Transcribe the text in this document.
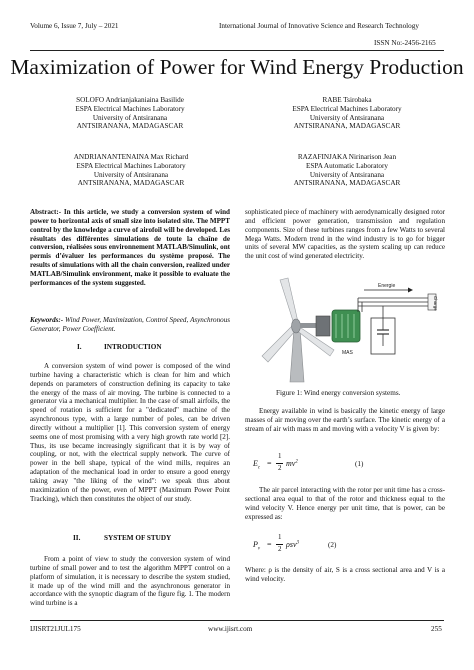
Volume 6, Issue 7, July – 2021	International Journal of Innovative Science and Research Technology
ISSN No:-2456-2165
Maximization of Power for Wind Energy Production
SOLOFO Andrianjakaniaina Basilide
ESPA Electrical Machines Laboratory
University of Antsiranana
ANTSIRANANA, MADAGASCAR
RABE Tsirobaka
ESPA Electrical Machines Laboratory
University of Antsiranana
ANTSIRANANA, MADAGASCAR
ANDRIANANTENAINA Max Richard
ESPA Electrical Machines Laboratory
University of Antsiranana
ANTSIRANANA, MADAGASCAR
RAZAFINJAKA Nirinarison Jean
ESPA Automatic Laboratory
University of Antsiranana
ANTSIRANANA, MADAGASCAR
Abstract:- In this article, we study a conversion system of wind power to horizontal axis of small size into isolated site. The MPPT control by the knowledge a curve of airofoil will be developed. Les résultats des différentes simulations de toute la chaîne de conversion, réalisées sous environnement MATLAB/Simulink, ont permis d’évaluer les performances du système proposé. The results of simulations with all the chain conversion, realized under MATLAB/Simulink environment, make it possible to evaluate the performances of the system suggested.
Keywords:- Wind Power, Maximization, Control Speed, Asynchronous Generator, Power Coefficient.
I.	INTRODUCTION
A conversion system of wind power is composed of the wind turbine having a characteristic which is clean for him and which depends on parameters of construction defining its capacity to take the energy of the mass of air moving. The turbine is connected to a generator via a mechanical multiplier. In the case of small airfoils, the speed of rotation is sufficient for a "dedicated" machine of the asynchronous type, with a large number of poles, can be driven directly without a multiplier [1]. This conversion system of energy seems one of most promising with a very high growth rate world [2]. Thus, its use became increasingly significant that it is by way of coupling, or not, with the electrical supply network. The curve of power in the bell shape, typical of the wind mills, requires an adaptation of the mechanical load in order to ensure a good energy taking away "the liking of the wind": we speak thus about maximization of the power, even of MPPT (Maximum Power Point Tracking), which then constitutes the object of our study.
II.	SYSTEM OF STUDY
From a point of view to study the conversion system of wind turbine of small power and to test the algorithm MPPT control on a platform of simulation, it is necessary to describe the system studied, it made up of the wind mill and the asynchronous generator in accordance with the synoptic diagram of the figure fig. 1. The modern wind turbine is a
sophisticated piece of machinery with aerodynamically designed rotor and efficient power generation, transmission and regulation components. Size of these turbines ranges from a few Watts to several Mega Watts. Modern trend in the wind industry is to go for bigger units of several MW capacities, as the system scaling up can reduce the unit cost of wind generated electricity.
MAS
Energie
Charge
Figure 1: Wind energy conversion systems.
Energy available in wind is basically the kinetic energy of large masses of air moving over the earth’s surface. The kinetic energy of a stream of air with mass m and moving with a velocity V is given by:
$E_c$
=
1
2 $mv^2$	(1)
The air parcel interacting with the rotor per unit time has a cross-sectional area equal to that of the rotor and thickness equal to the wind velocity V. Hence energy per unit time, that is power, can be expressed as:
$P_v$
=
1
2 ρsv$^3$	(2)
Where: ρ is the density of air, S is a cross sectional area and V is a wind velocity.
IJISRT21JUL175	www.ijisrt.com	255
